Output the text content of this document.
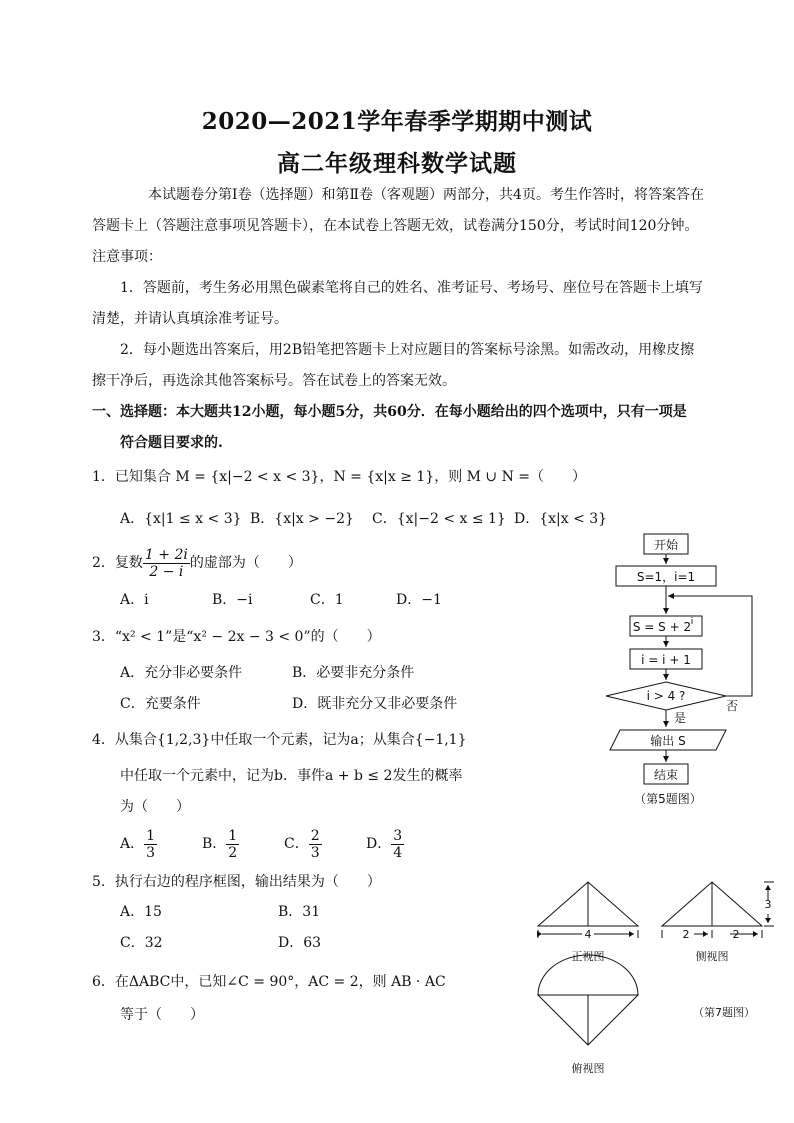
2020—2021学年春季学期期中测试
高二年级理科数学试题
本试题卷分第Ⅰ卷（选择题）和第Ⅱ卷（客观题）两部分，共4页。考生作答时，将答案答在
答题卡上（答题注意事项见答题卡），在本试卷上答题无效，试卷满分150分，考试时间120分钟。
注意事项：
1．答题前，考生务必用黑色碳素笔将自己的姓名、准考证号、考场号、座位号在答题卡上填写
清楚，并请认真填涂准考证号。
2．每小题选出答案后，用2B铅笔把答题卡上对应题目的答案标号涂黑。如需改动，用橡皮擦
擦干净后，再选涂其他答案标号。答在试卷上的答案无效。
一、选择题：本大题共12小题，每小题5分，共60分．在每小题给出的四个选项中，只有一项是
符合题目要求的.
1．已知集合 M = {x|−2 < x < 3}，N = {x|x ≥ 1}，则 M ∪ N =（　　）
A．{x|1 ≤ x < 3} B．{x|x > −2} C．{x|−2 < x ≤ 1} D．{x|x < 3}
2．复数 $\frac{1 + 2i}{2 - i}$ 的虚部为（　　）
A．i	B．−i	C．1	D．−1
3．“x² < 1”是“x² − 2x − 3 < 0”的（　　）
A．充分非必要条件	B．必要非充分条件
C．充要条件	D．既非充分又非必要条件
4．从集合{1,2,3}中任取一个元素，记为a；从集合{−1,1}
中任取一个元素中，记为b．事件a + b ≤ 2发生的概率
为（　　）
A． $\frac{1}{3}$	B． $\frac{1}{2}$	C． $\frac{2}{3}$	D． $\frac{3}{4}$
5．执行右边的程序框图，输出结果为（　　）
A．15	B．31
C．32	D．63
6．在ΔABC中，已知∠C = 90°，AC = 2，则 AB · AC
等于（　　）
开始
S=1，i=1
S = S + 2 i
i = i + 1
i > 4 ?
否
是
输出 S
结束
（第5题图）
4
正视图
2	2
侧视图
3
俯视图
（第7题图）
